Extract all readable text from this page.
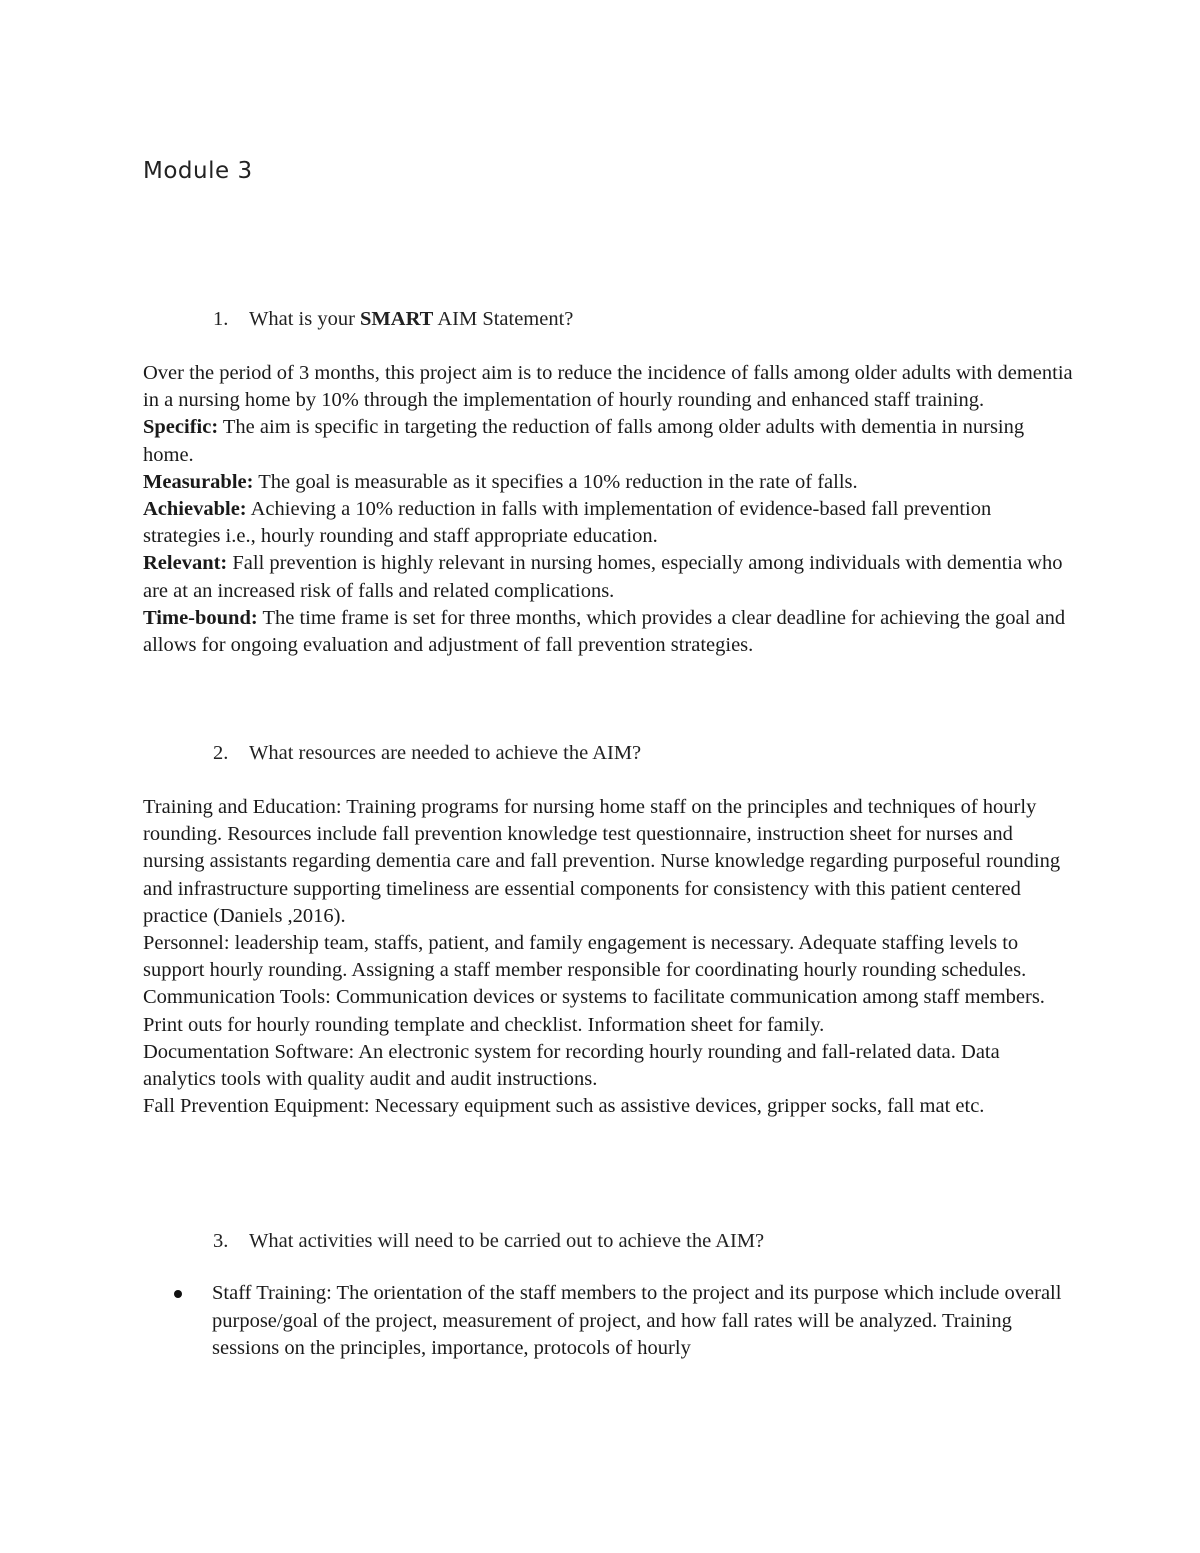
Module 3
1. What is your SMART AIM Statement?

Over the period of 3 months, this project aim is to reduce the incidence of falls among older adults with dementia in a nursing home by 10% through the implementation of hourly rounding and enhanced staff training.

Specific: The aim is specific in targeting the reduction of falls among older adults with dementia in nursing home.

Measurable: The goal is measurable as it specifies a 10% reduction in the rate of falls.

Achievable: Achieving a 10% reduction in falls with implementation of evidence-based fall prevention strategies i.e., hourly rounding and staff appropriate education.

Relevant: Fall prevention is highly relevant in nursing homes, especially among individuals with dementia who are at an increased risk of falls and related complications.

Time-bound: The time frame is set for three months, which provides a clear deadline for achieving the goal and allows for ongoing evaluation and adjustment of fall prevention strategies.

2. What resources are needed to achieve the AIM?

Training and Education: Training programs for nursing home staff on the principles and techniques of hourly rounding. Resources include fall prevention knowledge test questionnaire, instruction sheet for nurses and nursing assistants regarding dementia care and fall prevention. Nurse knowledge regarding purposeful rounding and infrastructure supporting timeliness are essential components for consistency with this patient centered practice (Daniels ,2016).

Personnel: leadership team, staffs, patient, and family engagement is necessary. Adequate staffing levels to support hourly rounding. Assigning a staff member responsible for coordinating hourly rounding schedules.

Communication Tools: Communication devices or systems to facilitate communication among staff members. Print outs for hourly rounding template and checklist. Information sheet for family.

Documentation Software: An electronic system for recording hourly rounding and fall-related data. Data analytics tools with quality audit and audit instructions.

Fall Prevention Equipment: Necessary equipment such as assistive devices, gripper socks, fall mat etc.

3. What activities will need to be carried out to achieve the AIM?
Staff Training: The orientation of the staff members to the project and its purpose which include overall purpose/goal of the project, measurement of project, and how fall rates will be analyzed. Training sessions on the principles, importance, protocols of hourly
